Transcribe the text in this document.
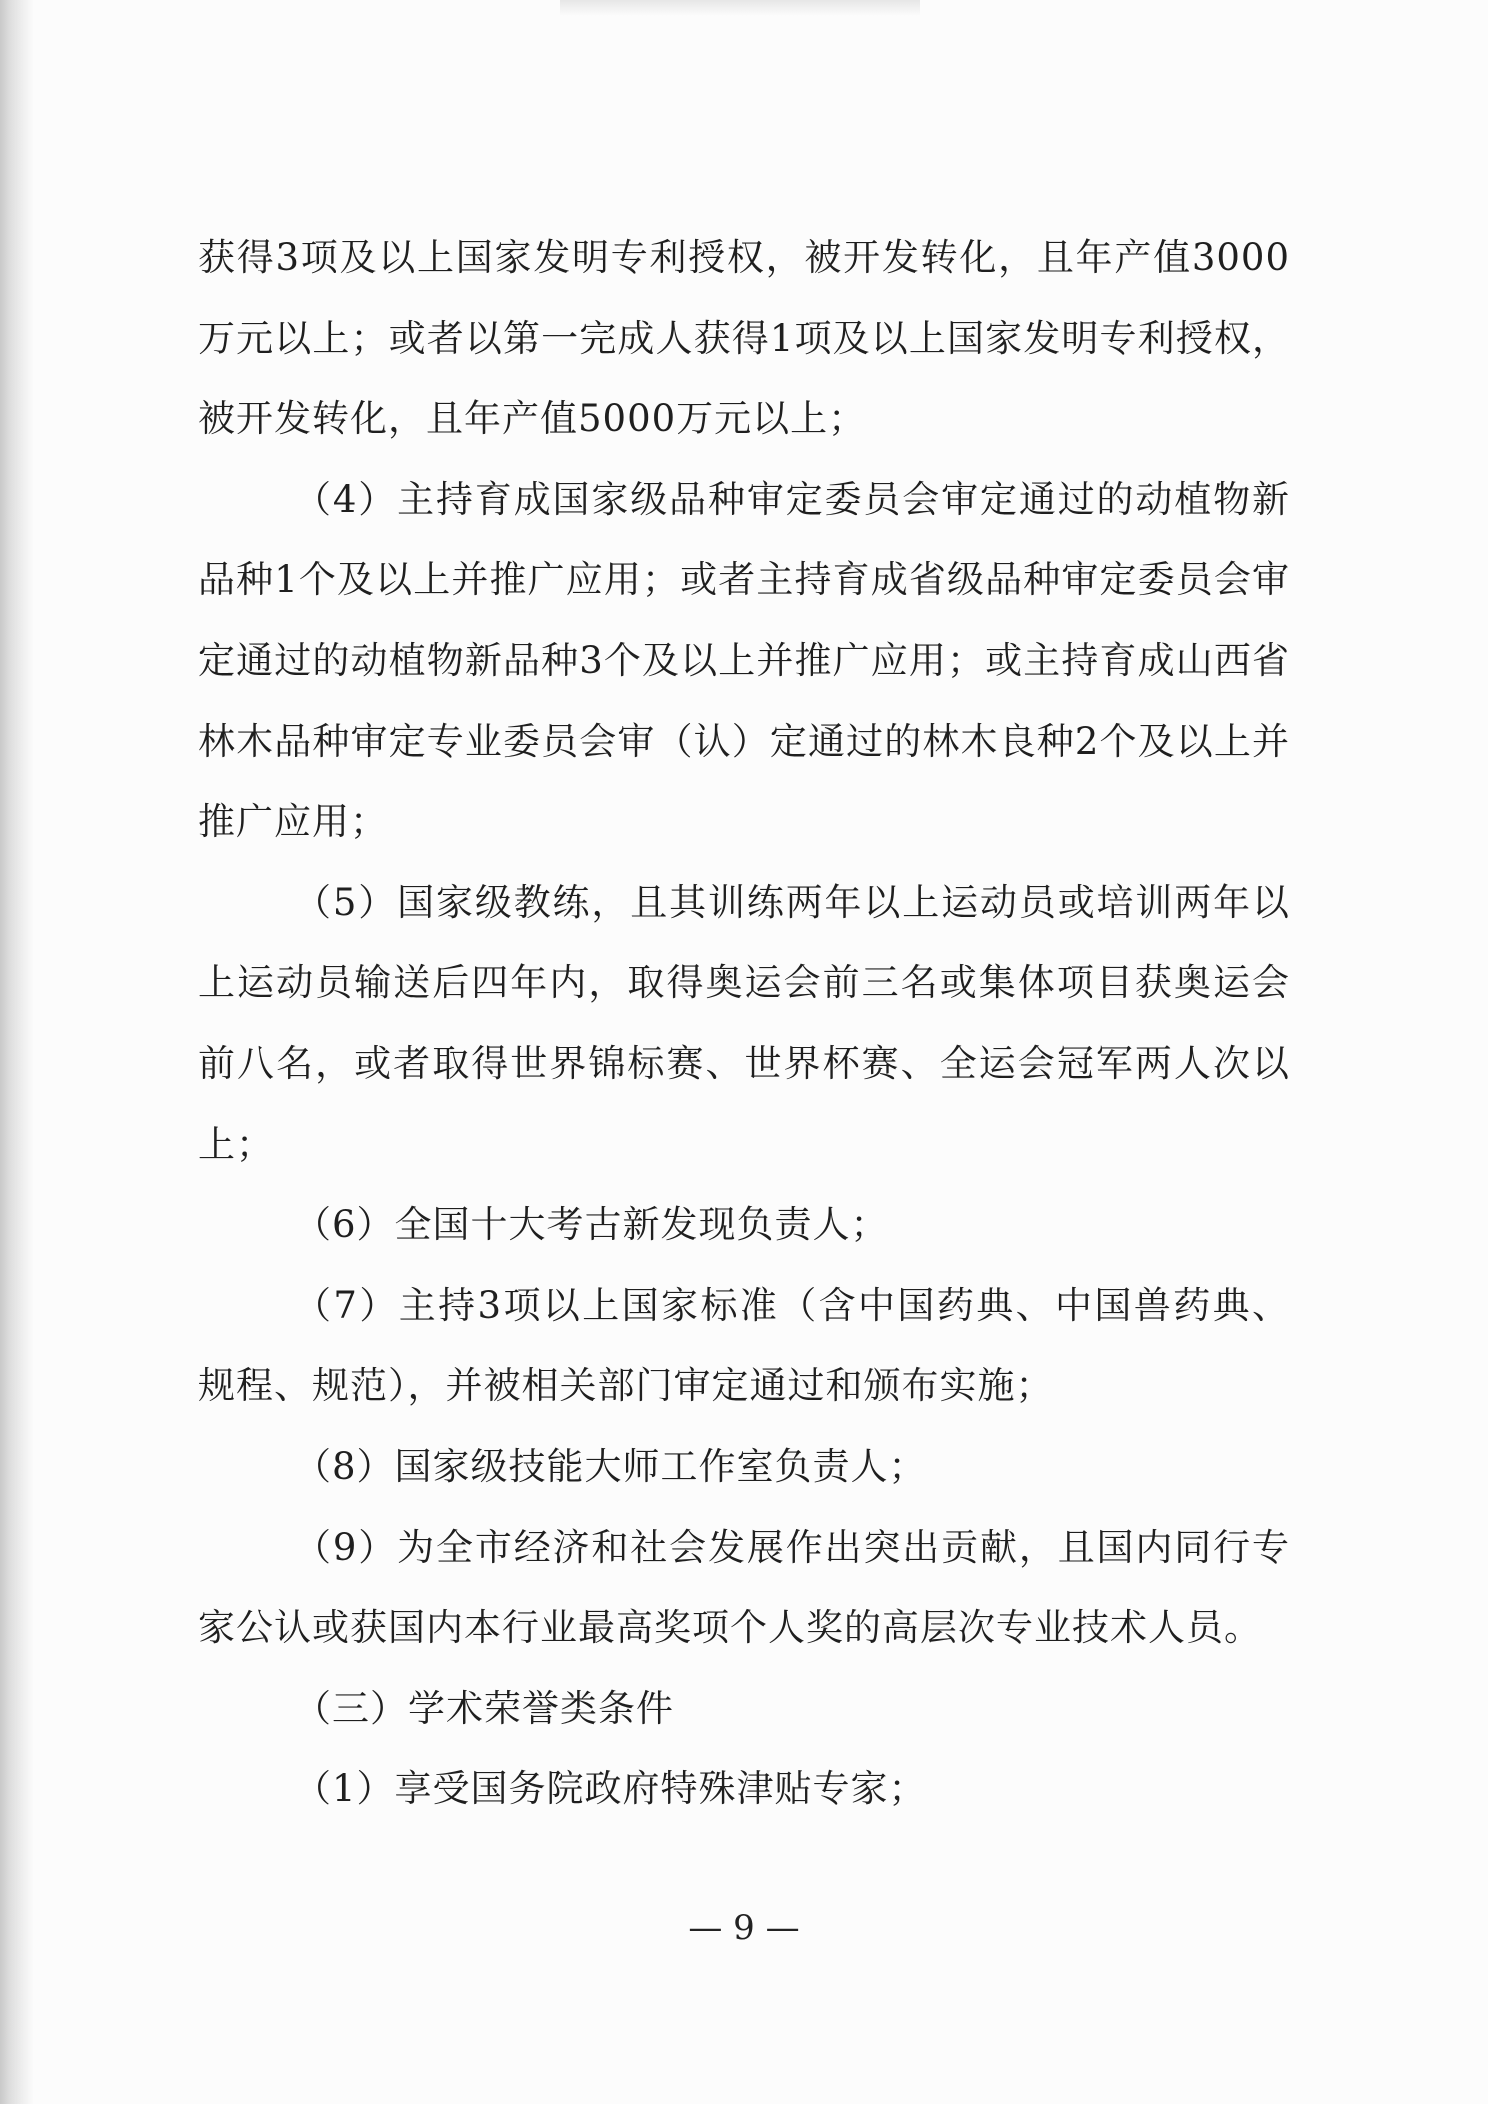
获得3项及以上国家发明专利授权，被开发转化，且年产值3000万元以上；或者以第一完成人获得1项及以上国家发明专利授权，被开发转化，且年产值5000万元以上；

（4）主持育成国家级品种审定委员会审定通过的动植物新品种1个及以上并推广应用；或者主持育成省级品种审定委员会审定通过的动植物新品种3个及以上并推广应用；或主持育成山西省林木品种审定专业委员会审（认）定通过的林木良种2个及以上并推广应用；

（5）国家级教练，且其训练两年以上运动员或培训两年以上运动员输送后四年内，取得奥运会前三名或集体项目获奥运会前八名，或者取得世界锦标赛、世界杯赛、全运会冠军两人次以上；

（6）全国十大考古新发现负责人；

（7）主持3项以上国家标准（含中国药典、中国兽药典、规程、规范），并被相关部门审定通过和颁布实施；

（8）国家级技能大师工作室负责人；

（9）为全市经济和社会发展作出突出贡献，且国内同行专家公认或获国内本行业最高奖项个人奖的高层次专业技术人员。

（三）学术荣誉类条件

（1）享受国务院政府特殊津贴专家；

— 9 —
